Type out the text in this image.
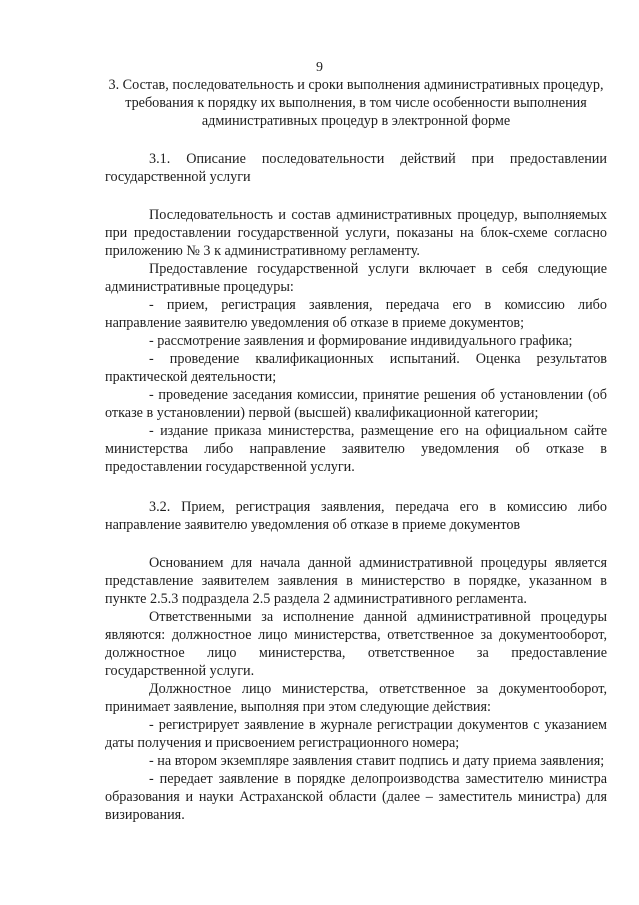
9

3. Состав, последовательность и сроки выполнения административных процедур, требования к порядку их выполнения, в том числе особенности выполнения административных процедур в электронной форме

3.1. Описание последовательности действий при предоставлении государственной услуги

Последовательность и состав административных процедур, выполняемых при предоставлении государственной услуги, показаны на блок-схеме согласно приложению № 3 к административному регламенту.

Предоставление государственной услуги включает в себя следующие административные процедуры:

- прием, регистрация заявления, передача его в комиссию либо направление заявителю уведомления об отказе в приеме документов;

- рассмотрение заявления и формирование индивидуального графика;

- проведение квалификационных испытаний. Оценка результатов практической деятельности;

- проведение заседания комиссии, принятие решения об установлении (об отказе в установлении) первой (высшей) квалификационной категории;

- издание приказа министерства, размещение его на официальном сайте министерства либо направление заявителю уведомления об отказе в предоставлении государственной услуги.

3.2. Прием, регистрация заявления, передача его в комиссию либо направление заявителю уведомления об отказе в приеме документов

Основанием для начала данной административной процедуры является представление заявителем заявления в министерство в порядке, указанном в пункте 2.5.3 подраздела 2.5 раздела 2 административного регламента.

Ответственными за исполнение данной административной процедуры являются: должностное лицо министерства, ответственное за документооборот, должностное лицо министерства, ответственное за предоставление государственной услуги.

Должностное лицо министерства, ответственное за документооборот, принимает заявление, выполняя при этом следующие действия:

- регистрирует заявление в журнале регистрации документов с указанием даты получения и присвоением регистрационного номера;

- на втором экземпляре заявления ставит подпись и дату приема заявления;

- передает заявление в порядке делопроизводства заместителю министра образования и науки Астраханской области (далее – заместитель министра) для визирования.
